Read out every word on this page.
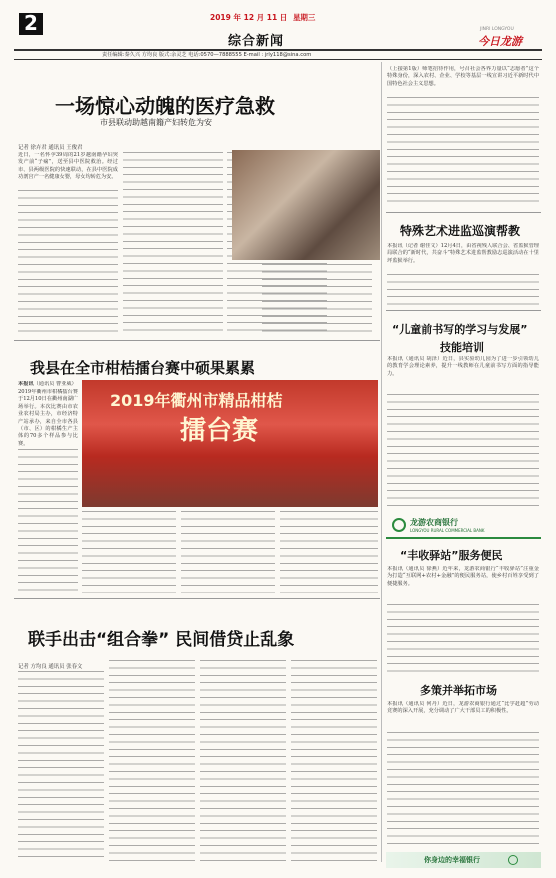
2	2019 年 12 月 11 日 星期三
综合新闻
JINRI LONGYOU
今日龙游
责任编辑:秦久兴 方均良 版式:余灵芝 电话:0570—7888555 E-mail : jrly118@sina.com
一场惊心动魄的医疗急救
市县联动助越南籍产妇转危为安
记者 徐卉君 通讯员 王俊君
近日，一名怀孕39周的21岁越南籍孕妇突发产前“子痫”，送至县中医院救治。经过市、县两级医院的快速联动，在县中医院成功剖宫产一名健康女婴，母女均转危为安。
我县在全市柑桔擂台赛中硕果累累
本报讯（通讯员 曹亚威）
2019年衢州市柑橘擂台赛于12月10日在衢州南湖广场举行。本次比赛由市农业农村局主办，市经济特产站承办，来自全市各县（市、区）的柑橘生产主体的70多个样品参与比赛。
2019年衢州市精品柑桔
擂台赛
联手出击“组合拳” 民间借贷止乱象
记者 方均良 通讯员 张春文
（上接第1版）师笔招待作用，号召社会各界力量以“志愿者”这个特殊身份，深入农村、企业、学校等基层一线宣讲习近平新时代中国特色社会主义思想。
特殊艺术进监巡演帮教
本报讯（记者 谢佳文）12月4日，由省视残人联合会、省监狱管理局联合的“新时代，共奋斗”特殊艺术进监帮教励志巡演活动在十里坪监狱举行。
“儿童前书写的学习与发展”
技能培训
本报讯（通讯员 胡泽）近日，县实验幼儿园为了进一步引领幼儿的教育学会理论素养，提升一线教师在儿童前书写方面的指导能力。
龙游农商银行
LONGYOU RURAL COMMERCIAL BANK
“丰收驿站”服务便民
本报讯（通讯员 徐燕）近年来，龙游农商银行“丰收驿站”注重金为打造“互联网+农村+金融”的便民服务站，使乡村百姓享受到了便捷服务。
多策并举拓市场
本报讯（通讯员 何丹）近日，龙游农商银行通过“比学赶超”劳动竞赛的深入开展，充分调动了广大干部员工的积极性。
你身边的幸福银行
